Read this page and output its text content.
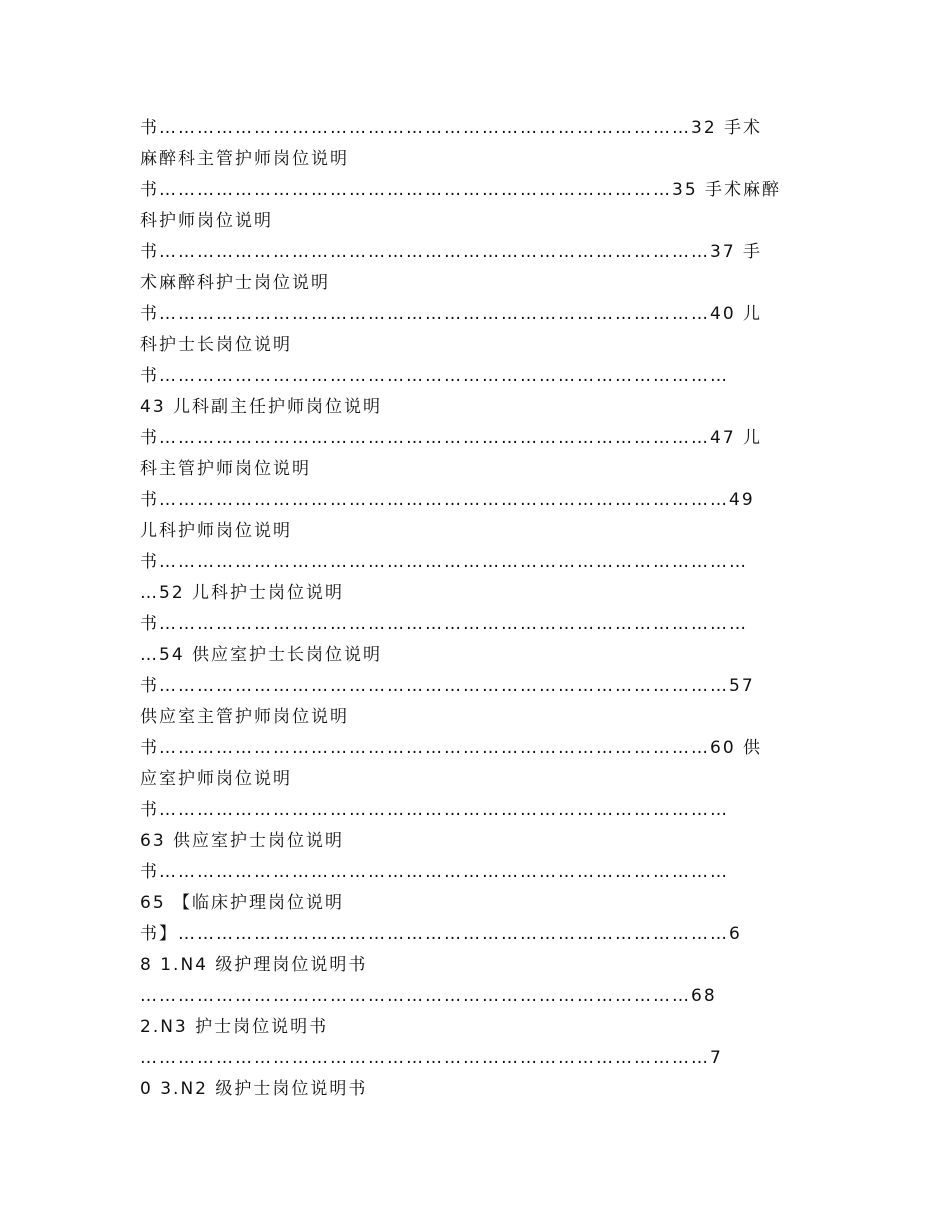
书…………………………………………………………………………32 手术
麻醉科主管护师岗位说明
书………………………………………………………………………35 手术麻醉
科护师岗位说明
书……………………………………………………………………………37 手
术麻醉科护士岗位说明
书……………………………………………………………………………40 儿
科护士长岗位说明
书………………………………………………………………………………
43 儿科副主任护师岗位说明
书……………………………………………………………………………47 儿
科主管护师岗位说明
书………………………………………………………………………………49
儿科护师岗位说明
书…………………………………………………………………………………
…52 儿科护士岗位说明
书…………………………………………………………………………………
…54 供应室护士长岗位说明
书………………………………………………………………………………57
供应室主管护师岗位说明
书……………………………………………………………………………60 供
应室护师岗位说明
书………………………………………………………………………………
63 供应室护士岗位说明
书………………………………………………………………………………
65 【临床护理岗位说明
书】……………………………………………………………………………6
8 1.N4 级护理岗位说明书
……………………………………………………………………………68
2.N3 护士岗位说明书
………………………………………………………………………………7
0 3.N2 级护士岗位说明书
